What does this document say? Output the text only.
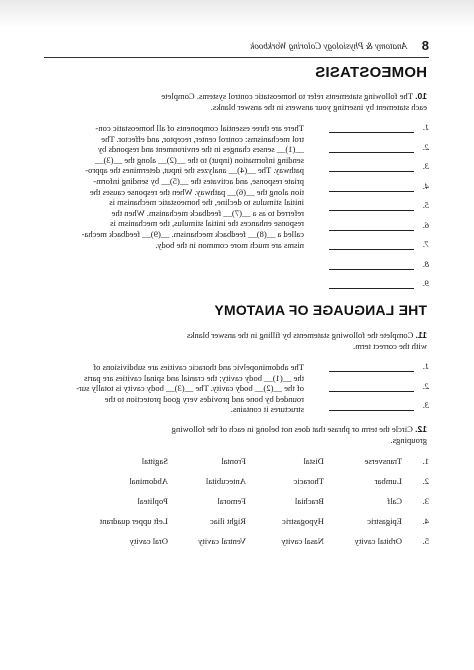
8
Anatomy & Physiology Coloring Workbook
HOMEOSTASIS
10. The following statements refer to homeostatic control systems. Complete
each statement by inserting your answers in the answer blanks.
1.
2.
3.
4.
5.
6.
7.
8.
9.
There are three essential components of all homeostatic con-
trol mechanisms: control center, receptor, and effector. The
__(1)__ senses changes in the environment and responds by
sending information (input) to the __(2)__ along the __(3)__
pathway. The __(4)__ analyzes the input, determines the appro-
priate response, and activates the __(5)__ by sending inform-
tion along the __(6)__ pathway. When the response causes the
initial stimulus to decline, the homeostatic mechanism is
referred to as a __(7)__ feedback mechanism. When the
response enhances the initial stimulus, the mechanism is
called a __(8)__ feedback mechanism. __(9)__ feedback mecha-
nisms are much more common in the body.
THE LANGUAGE OF ANATOMY
11. Complete the following statements by filling in the answer blanks
with the correct term.
1.
2.
3.
The abdominopelvic and thoracic cavities are subdivisions of
the __(1)__ body cavity; the cranial and spinal cavities are parts
of the __(2)__ body cavity. The __(3)__ body cavity is totally sur-
rounded by bone and provides very good protection to the
structures it contains.
12. Circle the term or phrase that does not belong in each of the following
groupings.
1.
Transverse
Distal
Frontal
Sagittal
2.
Lumbar
Thoracic
Antecubital
Abdominal
3.
Calf
Brachial
Femoral
Popliteal
4.
Epigastric
Hypogastric
Right iliac
Left upper quadrant
5.
Orbital cavity
Nasal cavity
Ventral cavity
Oral cavity
